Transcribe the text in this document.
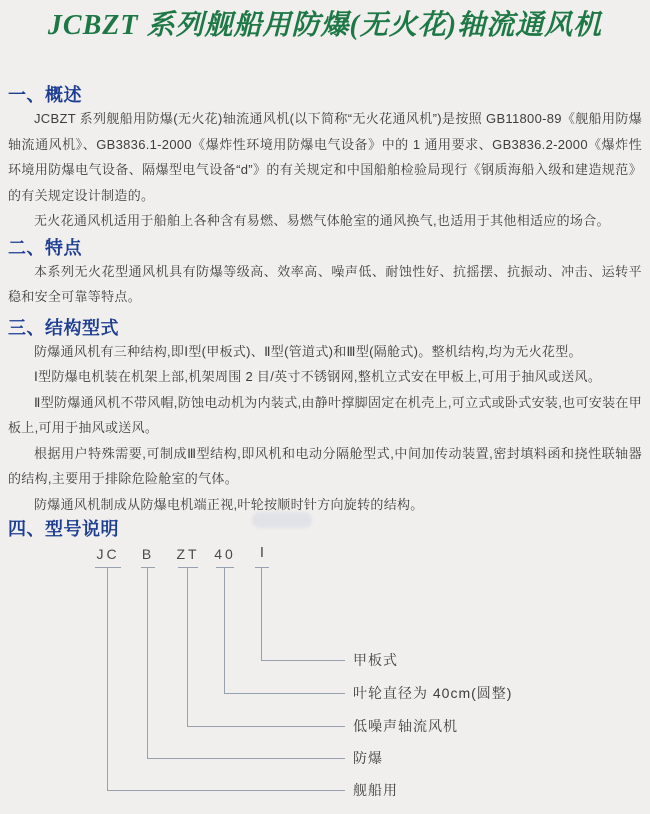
JCBZT 系列舰船用防爆(无火花)轴流通风机
一、概述

JCBZT 系列舰船用防爆(无火花)轴流通风机(以下简称“无火花通风机”)是按照 GB11800-89《舰船用防爆轴流通风机》、GB3836.1-2000《爆炸性环境用防爆电气设备》中的 1 通用要求、GB3836.2-2000《爆炸性环境用防爆电气设备、隔爆型电气设备“d”》的有关规定和中国船舶检验局现行《钢质海船入级和建造规范》的有关规定设计制造的。

无火花通风机适用于船舶上各种含有易燃、易燃气体舱室的通风换气,也适用于其他相适应的场合。

二、特点

本系列无火花型通风机具有防爆等级高、效率高、噪声低、耐蚀性好、抗摇摆、抗振动、冲击、运转平稳和安全可靠等特点。

三、结构型式

防爆通风机有三种结构,即Ⅰ型(甲板式)、Ⅱ型(管道式)和Ⅲ型(隔舱式)。整机结构,均为无火花型。

Ⅰ型防爆电机装在机架上部,机架周围 2 目/英寸不锈钢网,整机立式安在甲板上,可用于抽风或送风。

Ⅱ型防爆通风机不带风帽,防蚀电动机为内装式,由静叶撑脚固定在机壳上,可立式或卧式安装,也可安装在甲板上,可用于抽风或送风。

根据用户特殊需要,可制成Ⅲ型结构,即风机和电动分隔舱型式,中间加传动装置,密封填料函和挠性联轴器的结构,主要用于排除危险舱室的气体。

防爆通风机制成从防爆电机端正视,叶轮按顺时针方向旋转的结构。

四、型号说明
JC
舰船用
B
防爆
ZT
低噪声轴流风机
40
叶轮直径为 40cm(圆整)
Ⅰ
甲板式
